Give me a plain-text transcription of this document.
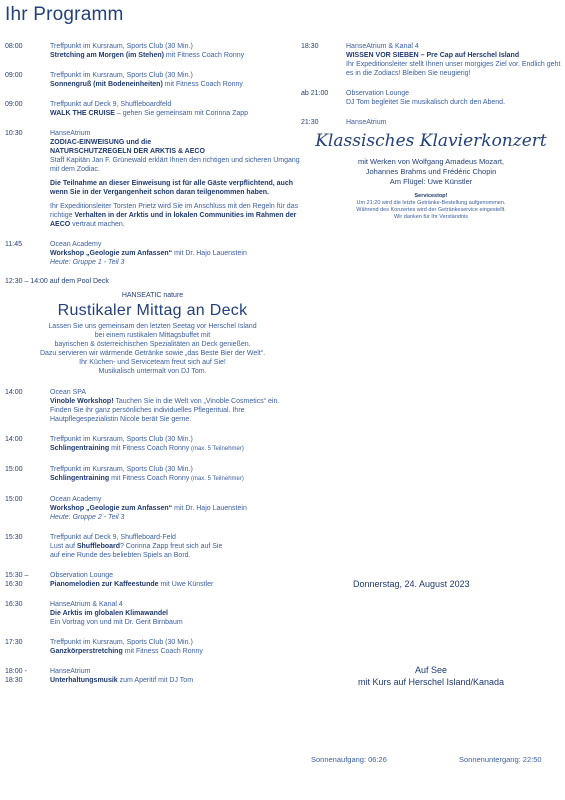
Ihr Programm
08:00	Treffpunkt im Kursraum, Sports Club (30 Min.)
Stretching am Morgen (im Stehen) mit Fitness Coach Ronny
09:00	Treffpunkt im Kursraum, Sports Club (30 Min.)
Sonnengruß (mit Bodeneinheiten) mit Fitness Coach Ronny
09:00	Treffpunkt auf Deck 9, Shuffleboardfeld
WALK THE CRUISE – gehen Sie gemeinsam mit Corinna Zapp
10:30	HanseAtrium
ZODIAC-EINWEISUNG und die
NATURSCHUTZREGELN DER ARKTIS & AECO
Staff Kapitän Jan F. Grünewald erklärt Ihnen den richtigen und sicheren Umgang mit dem Zodiac.
Die Teilnahme an dieser Einweisung ist für alle Gäste verpflichtend, auch wenn Sie in der Vergangenheit schon daran teilgenommen haben.
Ihr Expeditionsleiter Torsten Prietz wird Sie im Anschluss mit den Regeln für das richtige Verhalten in der Arktis und in lokalen Communities im Rahmen der AECO vertraut machen.
11:45	Ocean Academy
Workshop „Geologie zum Anfassen“ mit Dr. Hajo Lauenstein
Heute: Gruppe 1 - Teil 3
12:30 – 14:00 auf dem Pool Deck
HANSEATIC nature
Rustikaler Mittag an Deck
Lassen Sie uns gemeinsam den letzten Seetag vor Herschel Island
bei einem rustikalen Mittagsbuffet mit
bayrischen & österreichischen Spezialitäten an Deck genießen.
Dazu servieren wir wärmende Getränke sowie „das Beste Bier der Welt“.
Ihr Küchen- und Serviceteam freut sich auf Sie!
Musikalisch untermalt von DJ Tom.
14:00	Ocean SPA
Vinoble Workshop! Tauchen Sie in die Welt von „Vinoble Cosmetics“ ein. Finden Sie ihr ganz persönliches individuelles Pflegeritual. Ihre Hautpflegespezialistin Nicole berät Sie gerne.
14:00	Treffpunkt im Kursraum, Sports Club (30 Min.)
Schlingentraining mit Fitness Coach Ronny (max. 5 Teilnehmer)
15:00	Treffpunkt im Kursraum, Sports Club (30 Min.)
Schlingentraining mit Fitness Coach Ronny (max. 5 Teilnehmer)
15:00	Ocean Academy
Workshop „Geologie zum Anfassen“ mit Dr. Hajo Lauenstein
Heute: Gruppe 2 - Teil 3
15:30	Treffpunkt auf Deck 9, Shuffleboard-Feld
Lust auf Shuffleboard? Corinna Zapp freut sich auf Sie
auf eine Runde des beliebten Spiels an Bord.
15:30 –
16:30
Observation Lounge
Pianomelodien zur Kaffeestunde mit Uwe Künstler
16:30	HanseAtrium & Kanal 4
Die Arktis im globalen Klimawandel
Ein Vortrag von und mit Dr. Gerit Birnbaum
17:30	Treffpunkt im Kursraum, Sports Club (30 Min.)
Ganzkörperstretching mit Fitness Coach Ronny
18:00 -
18:30
HanseAtrium
Unterhaltungsmusik zum Aperitif mit DJ Tom
18:30	HanseAtrium & Kanal 4
WISSEN VOR SIEBEN – Pre Cap auf Herschel Island
Ihr Expeditionsleiter stellt Ihnen unser morgiges Ziel vor. Endlich geht es in die Zodiacs! Bleiben Sie neugierig!
ab 21:00	Observation Lounge
DJ Tom begleitet Sie musikalisch durch den Abend.
21:30	HanseAtrium
Klassisches Klavierkonzert
mit Werken von Wolfgang Amadeus Mozart,
Johannes Brahms und Frédéric Chopin
Am Flügel: Uwe Künstler
Servicestop!
Um 21:20 wird die letzte Getränke-Bestellung aufgenommen.
Während des Konzertes wird der Getränkeservice eingestellt.
Wir danken für Ihr Verständnis
Donnerstag, 24. August 2023
Auf See
mit Kurs auf Herschel Island/Kanada
Sonnenaufgang: 06:26	Sonnenuntergang: 22:50
